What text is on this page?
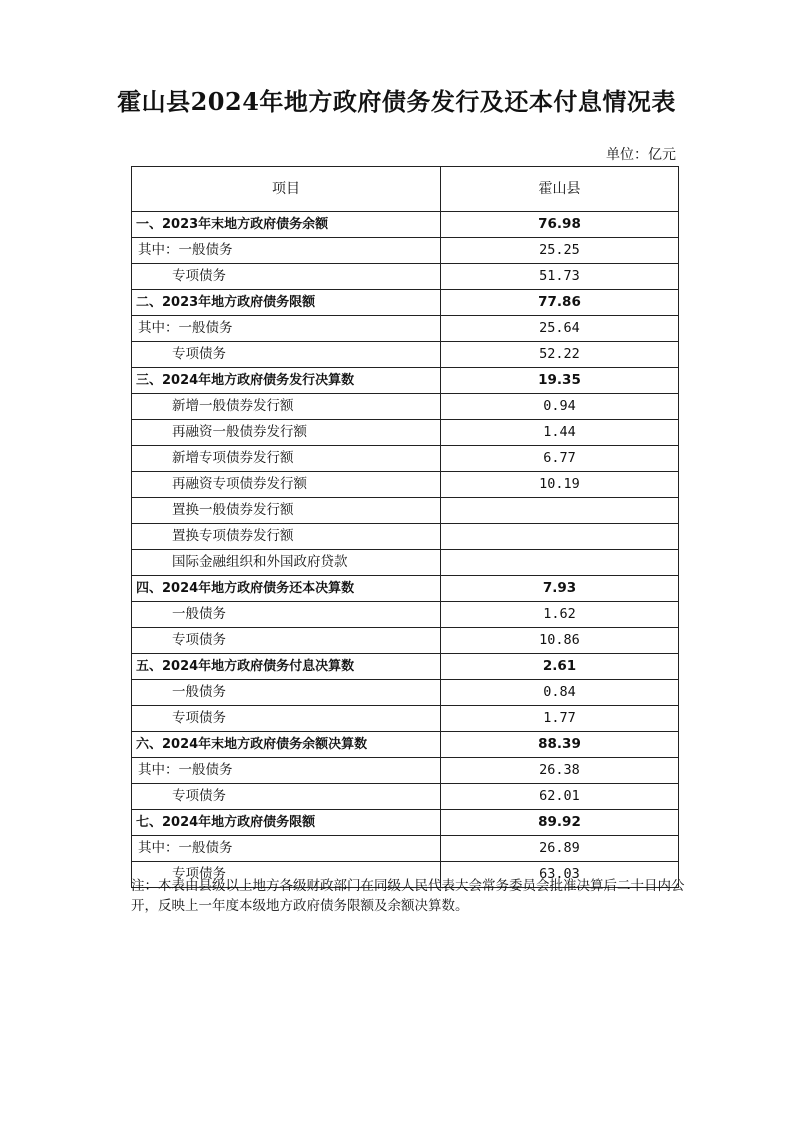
霍山县2024年地方政府债务发行及还本付息情况表
单位：亿元
项目	霍山县
一、2023年末地方政府债务余额	76.98
其中：一般债务	25.25
专项债务	51.73
二、2023年地方政府债务限额	77.86
其中：一般债务	25.64
专项债务	52.22
三、2024年地方政府债务发行决算数	19.35
新增一般债券发行额	0.94
再融资一般债券发行额	1.44
新增专项债券发行额	6.77
再融资专项债券发行额	10.19
置换一般债券发行额	
置换专项债券发行额	
国际金融组织和外国政府贷款	
四、2024年地方政府债务还本决算数	7.93
一般债务	1.62
专项债务	10.86
五、2024年地方政府债务付息决算数	2.61
一般债务	0.84
专项债务	1.77
六、2024年末地方政府债务余额决算数	88.39
其中：一般债务	26.38
专项债务	62.01
七、2024年地方政府债务限额	89.92
其中：一般债务	26.89
专项债务	63.03
注：本表由县级以上地方各级财政部门在同级人民代表大会常务委员会批准决算后二十日内公开，反映上一年度本级地方政府债务限额及余额决算数。
